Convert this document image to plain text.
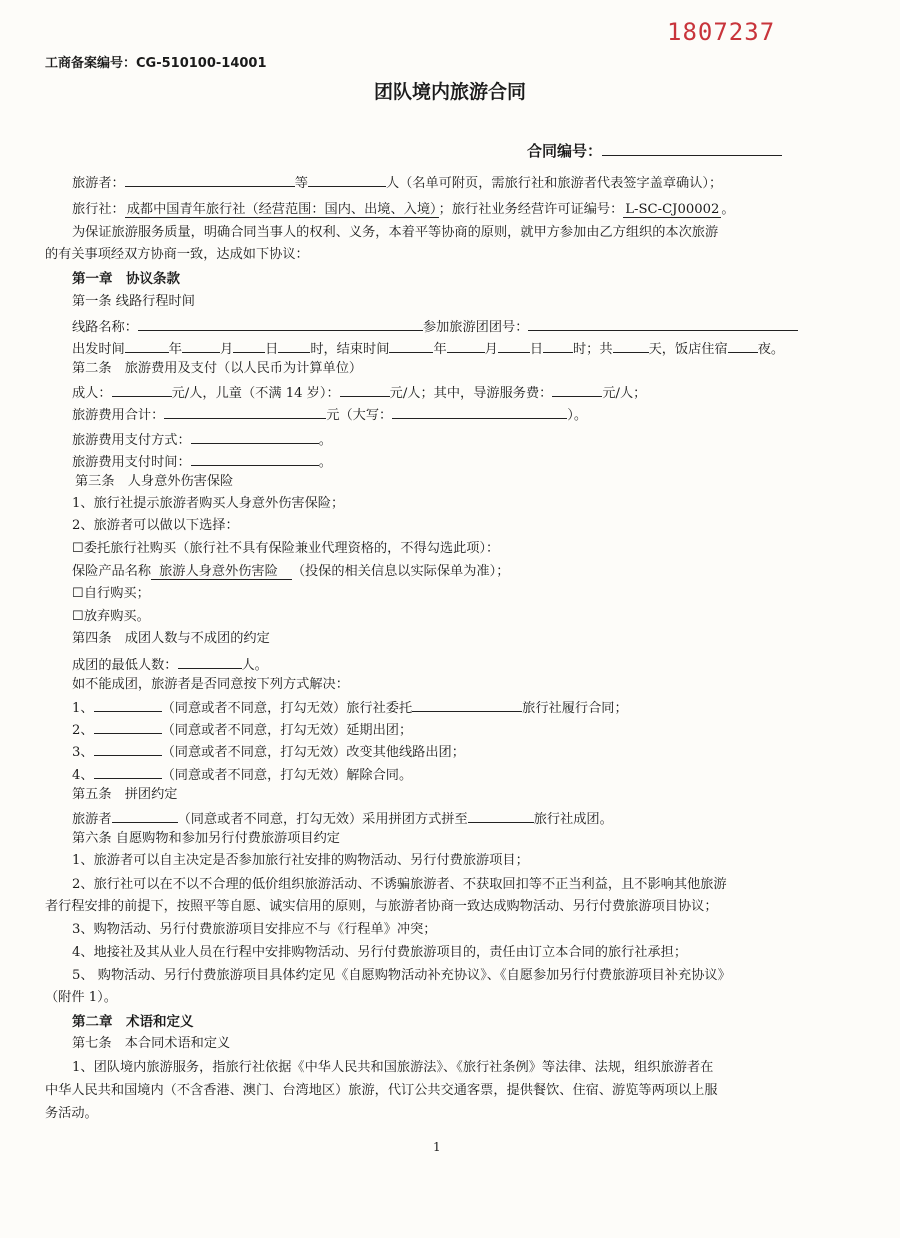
1807237
工商备案编号：CG-510100-14001
团队境内旅游合同
合同编号：
旅游者：	等	人（名单可附页，需旅行社和旅游者代表签字盖章确认）；
旅行社： 成都中国青年旅行社（经营范围：国内、出境、入境） ；旅行社业务经营许可证编号： L-SC-CJ00002 。
为保证旅游服务质量，明确合同当事人的权利、义务，本着平等协商的原则，就甲方参加由乙方组织的本次旅游
的有关事项经双方协商一致，达成如下协议：
第一章　协议条款
第一条 线路行程时间
线路名称：	参加旅游团团号：
出发时间	年	月 日 时，结束时间	年	月 日 时；共	天，饭店住宿 夜。
第二条　旅游费用及支付（以人民币为计算单位）
成人：	元/人，儿童（不满 14 岁）：	元/人；其中，导游服务费：	元/人；
旅游费用合计：	元（大写：	）。
旅游费用支付方式：	。
旅游费用支付时间：	。
第三条　人身意外伤害保险
1、旅行社提示旅游者购买人身意外伤害保险；
2、旅游者可以做以下选择：
☐委托旅行社购买（旅行社不具有保险兼业代理资格的，不得勾选此项）：
保险产品名称 旅游人身意外伤害险 （投保的相关信息以实际保单为准）；
☐自行购买；
☐放弃购买。
第四条　成团人数与不成团的约定
成团的最低人数：	人。
如不能成团，旅游者是否同意按下列方式解决：
1、	（同意或者不同意，打勾无效）旅行社委托	旅行社履行合同；
2、	（同意或者不同意，打勾无效）延期出团；
3、	（同意或者不同意，打勾无效）改变其他线路出团；
4、	（同意或者不同意，打勾无效）解除合同。
第五条　拼团约定
旅游者	（同意或者不同意，打勾无效）采用拼团方式拼至	旅行社成团。
第六条 自愿购物和参加另行付费旅游项目约定
1、旅游者可以自主决定是否参加旅行社安排的购物活动、另行付费旅游项目；
2、旅行社可以在不以不合理的低价组织旅游活动、不诱骗旅游者、不获取回扣等不正当利益，且不影响其他旅游
者行程安排的前提下，按照平等自愿、诚实信用的原则，与旅游者协商一致达成购物活动、另行付费旅游项目协议；
3、购物活动、另行付费旅游项目安排应不与《行程单》冲突；
4、地接社及其从业人员在行程中安排购物活动、另行付费旅游项目的，责任由订立本合同的旅行社承担；
5、 购物活动、另行付费旅游项目具体约定见《自愿购物活动补充协议》、《自愿参加另行付费旅游项目补充协议》
（附件 1）。
第二章　术语和定义
第七条　本合同术语和定义
1、团队境内旅游服务，指旅行社依据《中华人民共和国旅游法》、《旅行社条例》等法律、法规，组织旅游者在
中华人民共和国境内（不含香港、澳门、台湾地区）旅游，代订公共交通客票，提供餐饮、住宿、游览等两项以上服
务活动。
1
